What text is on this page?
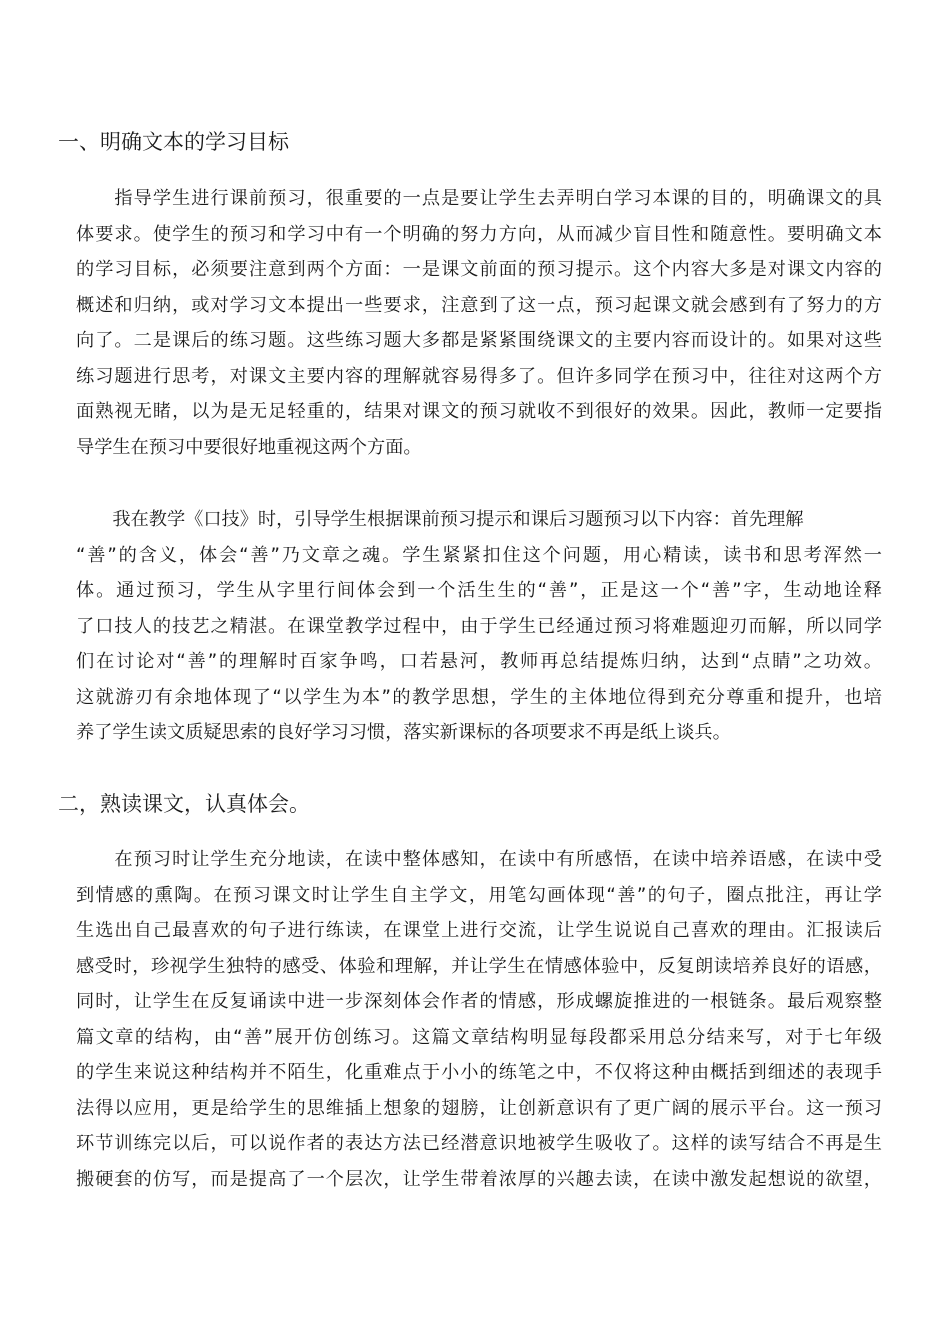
一、明确文本的学习目标
　　指导学生进行课前预习，很重要的一点是要让学生去弄明白学习本课的目的，明确课文的具
体要求。使学生的预习和学习中有一个明确的努力方向，从而减少盲目性和随意性。要明确文本
的学习目标，必须要注意到两个方面：一是课文前面的预习提示。这个内容大多是对课文内容的
概述和归纳，或对学习文本提出一些要求，注意到了这一点，预习起课文就会感到有了努力的方
向了。二是课后的练习题。这些练习题大多都是紧紧围绕课文的主要内容而设计的。如果对这些
练习题进行思考，对课文主要内容的理解就容易得多了。但许多同学在预习中，往往对这两个方
面熟视无睹，以为是无足轻重的，结果对课文的预习就收不到很好的效果。因此，教师一定要指
导学生在预习中要很好地重视这两个方面。
　　我在教学《口技》时，引导学生根据课前预习提示和课后习题预习以下内容：首先理解
“善”的含义，体会“善”乃文章之魂。学生紧紧扣住这个问题，用心精读，读书和思考浑然一
体。通过预习，学生从字里行间体会到一个活生生的“善”，正是这一个“善”字，生动地诠释
了口技人的技艺之精湛。在课堂教学过程中，由于学生已经通过预习将难题迎刃而解，所以同学
们在讨论对“善”的理解时百家争鸣，口若悬河，教师再总结提炼归纳，达到“点睛”之功效。
这就游刃有余地体现了“以学生为本”的教学思想，学生的主体地位得到充分尊重和提升，也培
养了学生读文质疑思索的良好学习习惯，落实新课标的各项要求不再是纸上谈兵。
二，熟读课文，认真体会。
　　在预习时让学生充分地读，在读中整体感知，在读中有所感悟，在读中培养语感，在读中受
到情感的熏陶。在预习课文时让学生自主学文，用笔勾画体现“善”的句子，圈点批注，再让学
生选出自己最喜欢的句子进行练读，在课堂上进行交流，让学生说说自己喜欢的理由。汇报读后
感受时，珍视学生独特的感受、体验和理解，并让学生在情感体验中，反复朗读培养良好的语感，
同时，让学生在反复诵读中进一步深刻体会作者的情感，形成螺旋推进的一根链条。最后观察整
篇文章的结构，由“善”展开仿创练习。这篇文章结构明显每段都采用总分结来写，对于七年级
的学生来说这种结构并不陌生，化重难点于小小的练笔之中，不仅将这种由概括到细述的表现手
法得以应用，更是给学生的思维插上想象的翅膀，让创新意识有了更广阔的展示平台。这一预习
环节训练完以后，可以说作者的表达方法已经潜意识地被学生吸收了。这样的读写结合不再是生
搬硬套的仿写，而是提高了一个层次，让学生带着浓厚的兴趣去读，在读中激发起想说的欲望，
